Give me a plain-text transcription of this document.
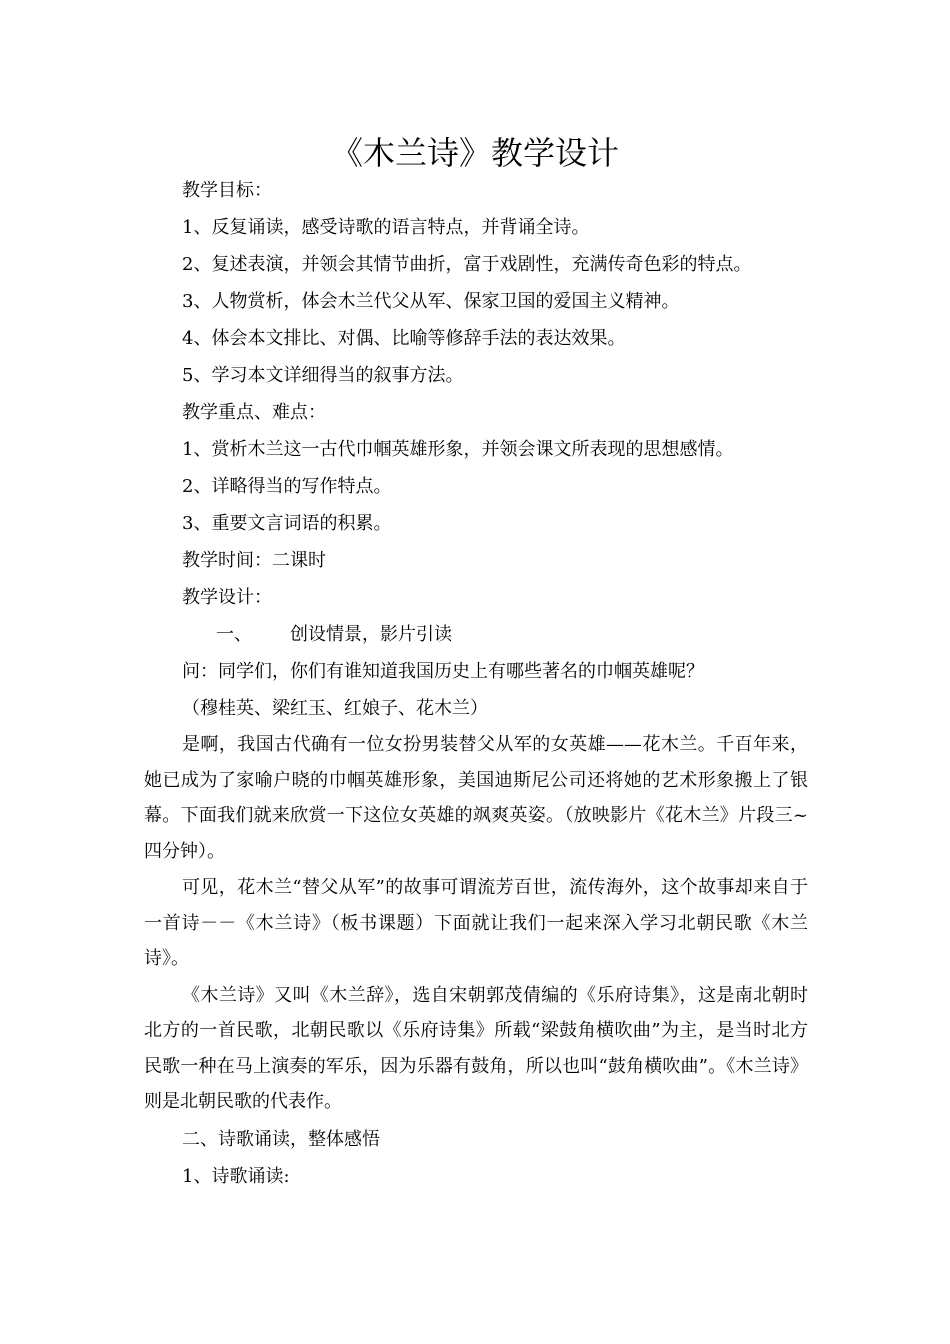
《木兰诗》教学设计
教学目标：
1、反复诵读，感受诗歌的语言特点，并背诵全诗。
2、复述表演，并领会其情节曲折，富于戏剧性，充满传奇色彩的特点。
3、人物赏析，体会木兰代父从军、保家卫国的爱国主义精神。
4、体会本文排比、对偶、比喻等修辞手法的表达效果。
5、学习本文详细得当的叙事方法。
教学重点、难点：
1、赏析木兰这一古代巾帼英雄形象，并领会课文所表现的思想感情。
2、详略得当的写作特点。
3、重要文言词语的积累。
教学时间：二课时
教学设计：
一、 创设情景，影片引读
问：同学们，你们有谁知道我国历史上有哪些著名的巾帼英雄呢？
（穆桂英、梁红玉、红娘子、花木兰）
是啊，我国古代确有一位女扮男装替父从军的女英雄——花木兰。千百年来，她已成为了家喻户晓的巾帼英雄形象，美国迪斯尼公司还将她的艺术形象搬上了银幕。下面我们就来欣赏一下这位女英雄的飒爽英姿。（放映影片《花木兰》片段三~四分钟）。
可见，花木兰“替父从军”的故事可谓流芳百世，流传海外，这个故事却来自于一首诗－－《木兰诗》（板书课题）下面就让我们一起来深入学习北朝民歌《木兰诗》。
《木兰诗》又叫《木兰辞》，选自宋朝郭茂倩编的《乐府诗集》，这是南北朝时北方的一首民歌，北朝民歌以《乐府诗集》所载“梁鼓角横吹曲”为主，是当时北方民歌一种在马上演奏的军乐，因为乐器有鼓角，所以也叫“鼓角横吹曲”。《木兰诗》则是北朝民歌的代表作。
二、诗歌诵读，整体感悟
1、诗歌诵读:
